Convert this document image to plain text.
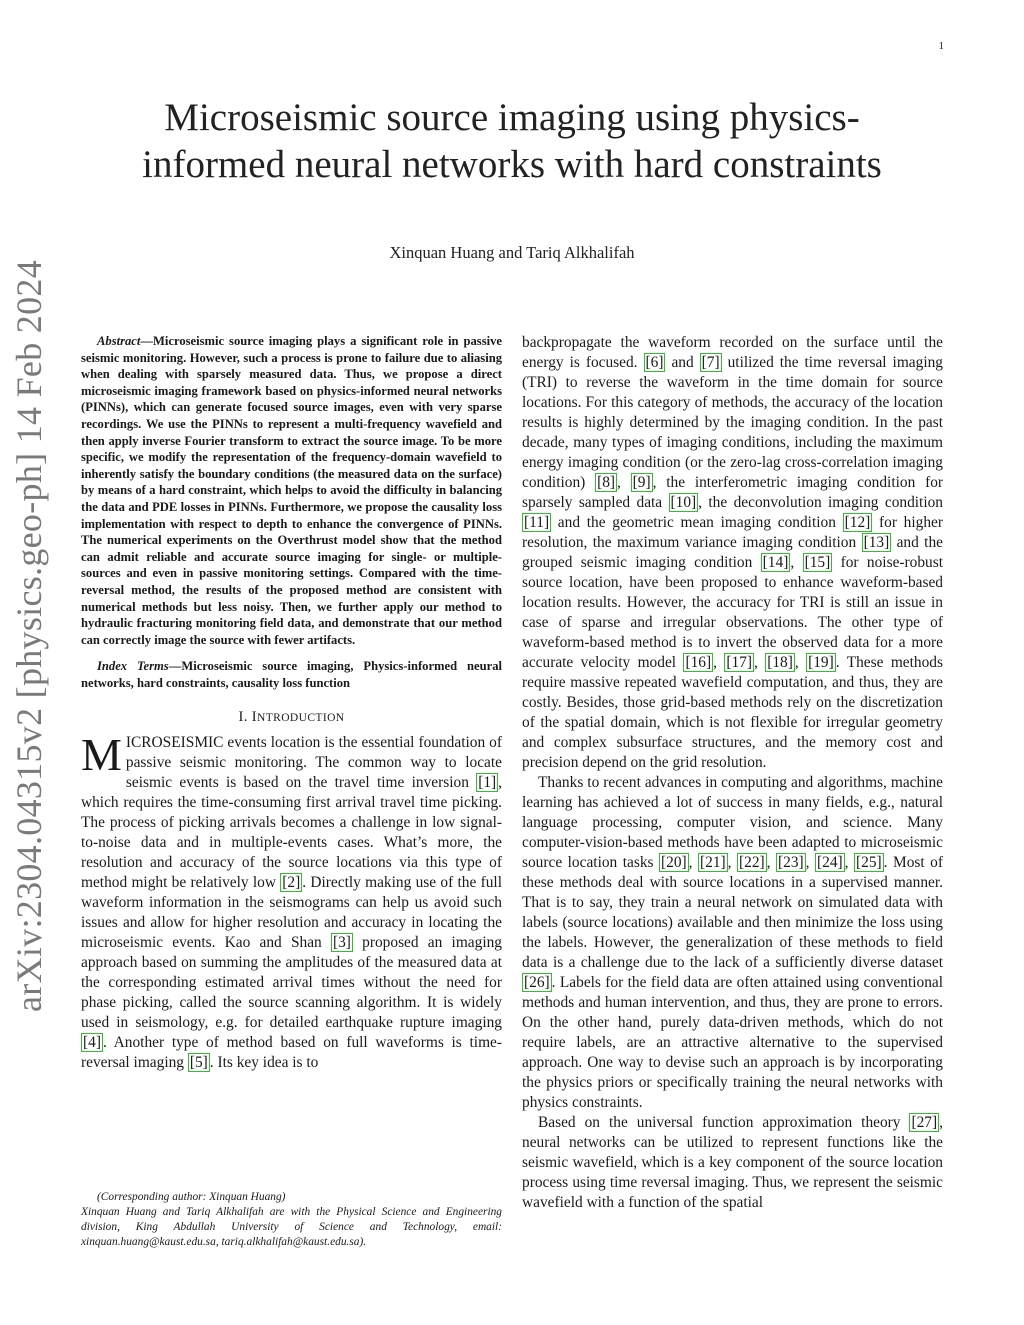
1
arXiv:2304.04315v2 [physics.geo-ph] 14 Feb 2024
Microseismic source imaging using physics-informed neural networks with hard constraints
Xinquan Huang and Tariq Alkhalifah

Abstract—Microseismic source imaging plays a significant role in passive seismic monitoring. However, such a process is prone to failure due to aliasing when dealing with sparsely measured data. Thus, we propose a direct microseismic imaging framework based on physics-informed neural networks (PINNs), which can generate focused source images, even with very sparse recordings. We use the PINNs to represent a multi-frequency wavefield and then apply inverse Fourier transform to extract the source image. To be more specific, we modify the representation of the frequency-domain wavefield to inherently satisfy the boundary conditions (the measured data on the surface) by means of a hard constraint, which helps to avoid the difficulty in balancing the data and PDE losses in PINNs. Furthermore, we propose the causality loss implementation with respect to depth to enhance the convergence of PINNs. The numerical experiments on the Overthrust model show that the method can admit reliable and accurate source imaging for single- or multiple- sources and even in passive monitoring settings. Compared with the time-reversal method, the results of the proposed method are consistent with numerical methods but less noisy. Then, we further apply our method to hydraulic fracturing monitoring field data, and demonstrate that our method can correctly image the source with fewer artifacts.

Index Terms—Microseismic source imaging, Physics-informed neural networks, hard constraints, causality loss function

I. INTRODUCTION

MICROSEISMIC events location is the essential foundation of passive seismic monitoring. The common way to locate seismic events is based on the travel time inversion [1] , which requires the time-consuming first arrival travel time picking. The process of picking arrivals becomes a challenge in low signal-to-noise data and in multiple-events cases. What’s more, the resolution and accuracy of the source locations via this type of method might be relatively low [2] . Directly making use of the full waveform information in the seismograms can help us avoid such issues and allow for higher resolution and accuracy in locating the microseismic events. Kao and Shan [3] proposed an imaging approach based on summing the amplitudes of the measured data at the corresponding estimated arrival times without the need for phase picking, called the source scanning algorithm. It is widely used in seismology, e.g. for detailed earthquake rupture imaging [4] . Another type of method based on full waveforms is time-reversal imaging [5] . Its key idea is to

(Corresponding author: Xinquan Huang)

Xinquan Huang and Tariq Alkhalifah are with the Physical Science and Engineering division, King Abdullah University of Science and Technology, email: xinquan.huang@kaust.edu.sa, tariq.alkhalifah@kaust.edu.sa).

backpropagate the waveform recorded on the surface until the energy is focused. [6] and [7] utilized the time reversal imaging (TRI) to reverse the waveform in the time domain for source locations. For this category of methods, the accuracy of the location results is highly determined by the imaging condition. In the past decade, many types of imaging conditions, including the maximum energy imaging condition (or the zero-lag cross-correlation imaging condition) [8] , [9] , the interferometric imaging condition for sparsely sampled data [10] , the deconvolution imaging condition [11] and the geometric mean imaging condition [12] for higher resolution, the maximum variance imaging condition [13] and the grouped seismic imaging condition [14] , [15] for noise-robust source location, have been proposed to enhance waveform-based location results. However, the accuracy for TRI is still an issue in case of sparse and irregular observations. The other type of waveform-based method is to invert the observed data for a more accurate velocity model [16] , [17] , [18] , [19] . These methods require massive repeated wavefield computation, and thus, they are costly. Besides, those grid-based methods rely on the discretization of the spatial domain, which is not flexible for irregular geometry and complex subsurface structures, and the memory cost and precision depend on the grid resolution.

Thanks to recent advances in computing and algorithms, machine learning has achieved a lot of success in many fields, e.g., natural language processing, computer vision, and science. Many computer-vision-based methods have been adapted to microseismic source location tasks [20] , [21] , [22] , [23] , [24] , [25] . Most of these methods deal with source locations in a supervised manner. That is to say, they train a neural network on simulated data with labels (source locations) available and then minimize the loss using the labels. However, the generalization of these methods to field data is a challenge due to the lack of a sufficiently diverse dataset [26] . Labels for the field data are often attained using conventional methods and human intervention, and thus, they are prone to errors. On the other hand, purely data-driven methods, which do not require labels, are an attractive alternative to the supervised approach. One way to devise such an approach is by incorporating the physics priors or specifically training the neural networks with physics constraints.

Based on the universal function approximation theory [27] , neural networks can be utilized to represent functions like the seismic wavefield, which is a key component of the source location process using time reversal imaging. Thus, we represent the seismic wavefield with a function of the spatial
